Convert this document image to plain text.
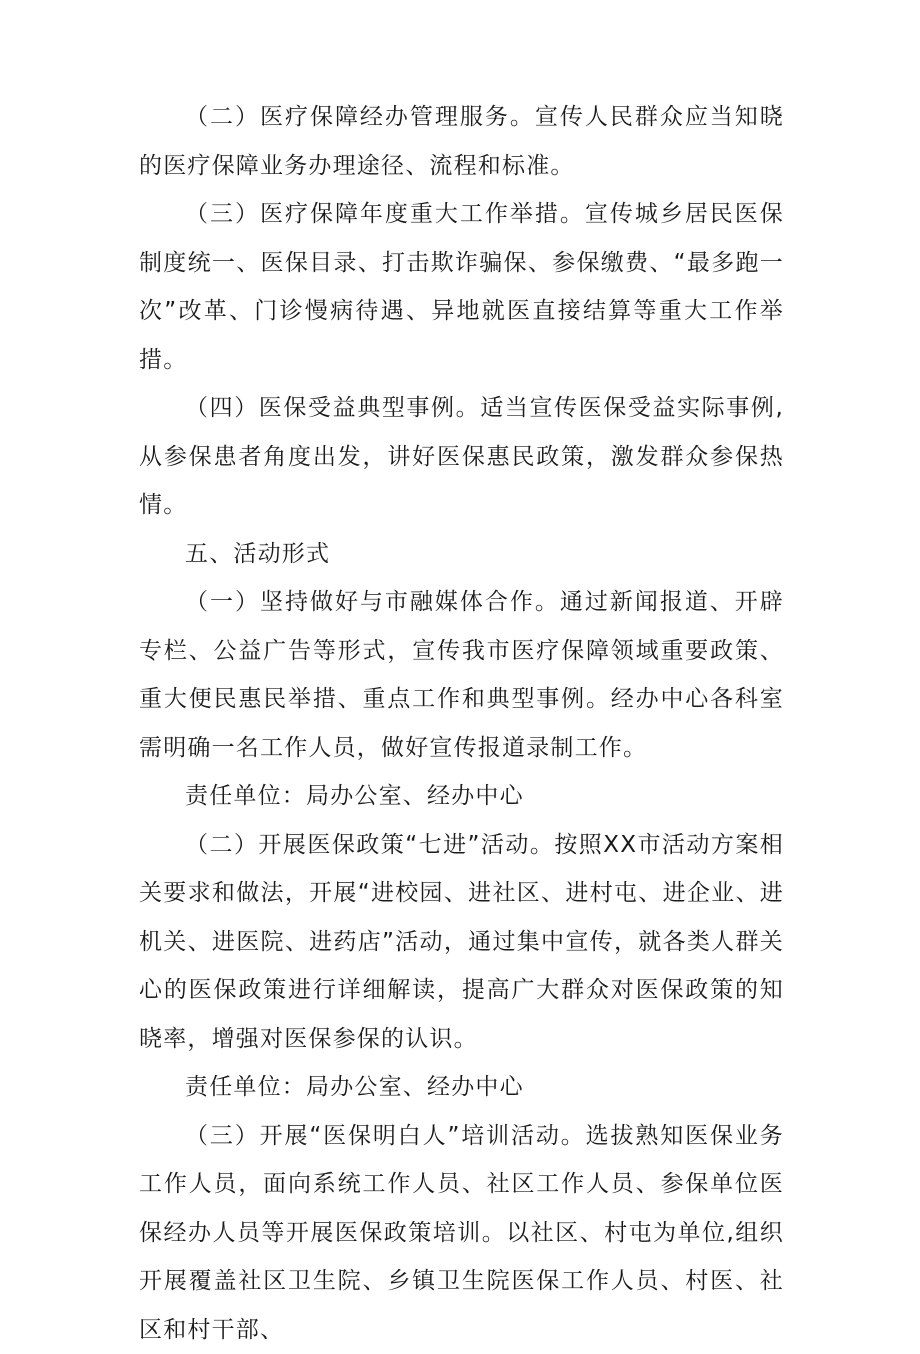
（二）医疗保障经办管理服务。宣传人民群众应当知晓的医疗保障业务办理途径、流程和标准。

（三）医疗保障年度重大工作举措。宣传城乡居民医保制度统一、医保目录、打击欺诈骗保、参保缴费、“最多跑一次”改革、门诊慢病待遇、异地就医直接结算等重大工作举措。

（四）医保受益典型事例。适当宣传医保受益实际事例,从参保患者角度出发，讲好医保惠民政策，激发群众参保热情。

五、活动形式

（一）坚持做好与市融媒体合作。通过新闻报道、开辟专栏、公益广告等形式，宣传我市医疗保障领域重要政策、重大便民惠民举措、重点工作和典型事例。经办中心各科室需明确一名工作人员，做好宣传报道录制工作。

责任单位：局办公室、经办中心

（二）开展医保政策“七进”活动。按照XX市活动方案相关要求和做法，开展“进校园、进社区、进村屯、进企业、进机关、进医院、进药店”活动，通过集中宣传，就各类人群关心的医保政策进行详细解读，提高广大群众对医保政策的知晓率，增强对医保参保的认识。

责任单位：局办公室、经办中心

（三）开展“医保明白人”培训活动。选拔熟知医保业务工作人员，面向系统工作人员、社区工作人员、参保单位医保经办人员等开展医保政策培训。以社区、村屯为单位,组织开展覆盖社区卫生院、乡镇卫生院医保工作人员、村医、社区和村干部、
